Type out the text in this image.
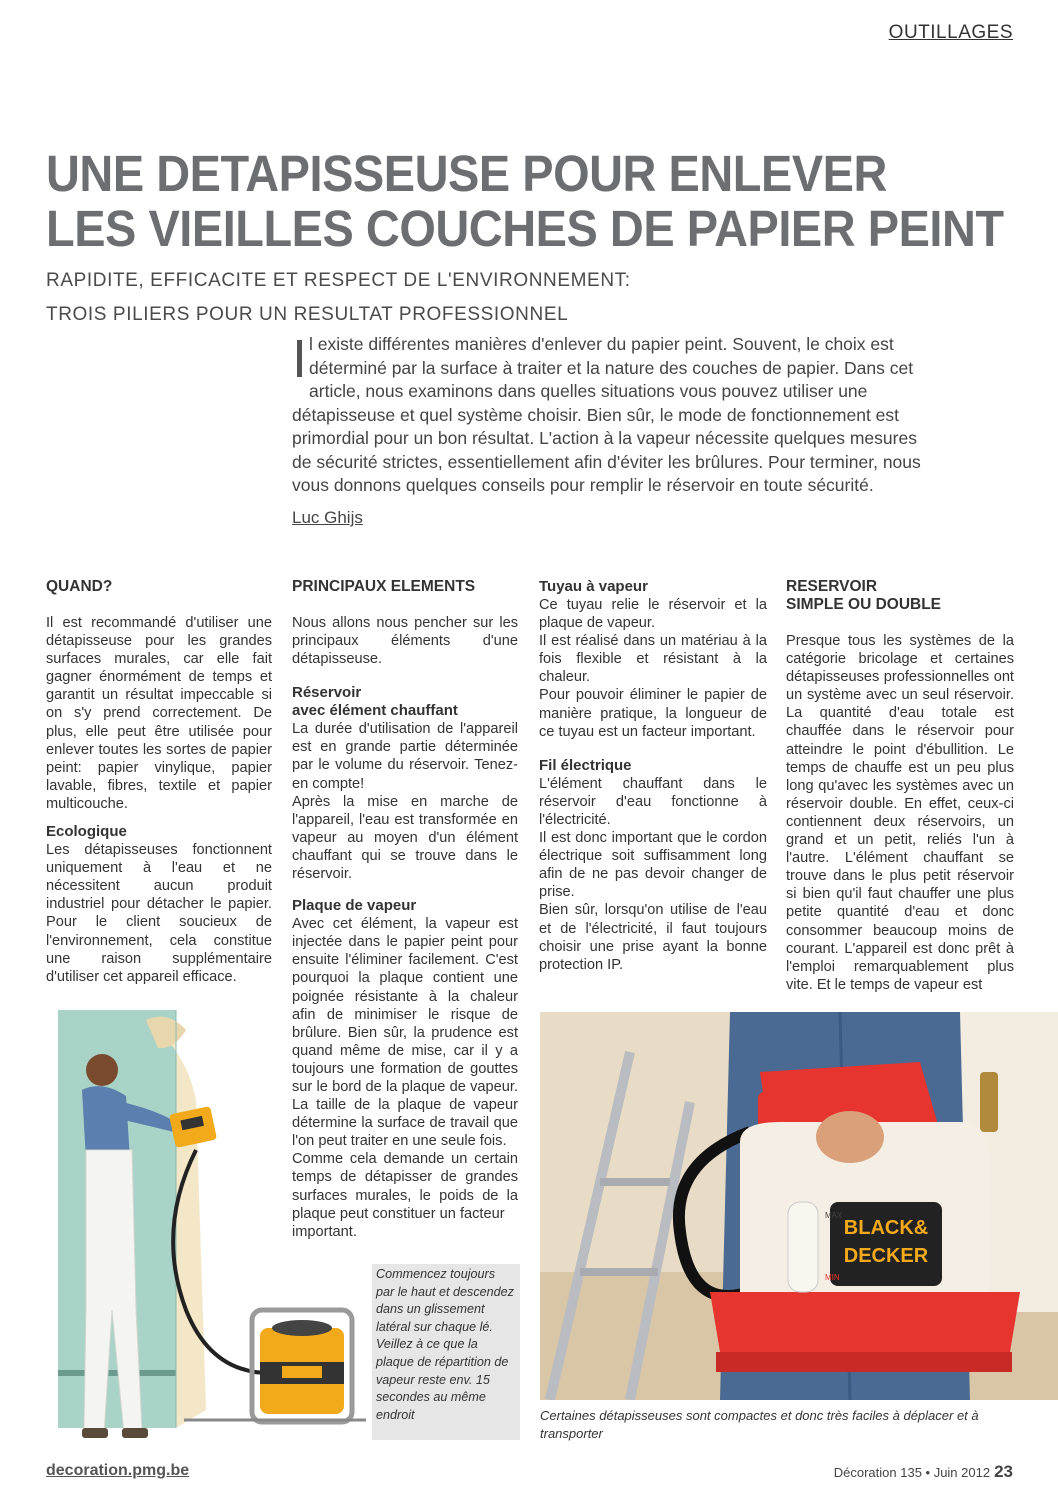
OUTILLAGES
UNE DETAPISSEUSE POUR ENLEVER
LES VIEILLES COUCHES DE PAPIER PEINT
RAPIDITE, EFFICACITE ET RESPECT DE L'ENVIRONNEMENT:
TROIS PILIERS POUR UN RESULTAT PROFESSIONNEL
Il existe différentes manières d'enlever du papier peint. Souvent, le choix est déterminé par la surface à traiter et la nature des couches de papier. Dans cet article, nous examinons dans quelles situations vous pouvez utiliser une détapisseuse et quel système choisir. Bien sûr, le mode de fonctionnement est primordial pour un bon résultat. L'action à la vapeur nécessite quelques mesures de sécurité strictes, essentiellement afin d'éviter les brûlures. Pour terminer, nous vous donnons quelques conseils pour remplir le réservoir en toute sécurité.
Luc Ghijs
QUAND?

Il est recommandé d'utiliser une détapisseuse pour les grandes surfaces murales, car elle fait gagner énormément de temps et garantit un résultat impeccable si on s'y prend correctement. De plus, elle peut être utilisée pour enlever toutes les sortes de papier peint: papier vinylique, papier lavable, fibres, textile et papier multicouche.

Ecologique

Les détapisseuses fonctionnent uniquement à l'eau et ne nécessitent aucun produit industriel pour détacher le papier. Pour le client soucieux de l'environnement, cela constitue une raison supplémentaire d'utiliser cet appareil efficace.

PRINCIPAUX ELEMENTS

Nous allons nous pencher sur les principaux éléments d'une détapisseuse.

Réservoir
avec élément chauffant

La durée d'utilisation de l'appareil est en grande partie déterminée par le volume du réservoir. Tenez-en compte!

Après la mise en marche de l'appareil, l'eau est transformée en vapeur au moyen d'un élément chauffant qui se trouve dans le réservoir.

Plaque de vapeur

Avec cet élément, la vapeur est injectée dans le papier peint pour ensuite l'éliminer facilement. C'est pourquoi la plaque contient une poignée résistante à la chaleur afin de minimiser le risque de brûlure. Bien sûr, la prudence est quand même de mise, car il y a toujours une formation de gouttes sur le bord de la plaque de vapeur. La taille de la plaque de vapeur détermine la surface de travail que l'on peut traiter en une seule fois.

Comme cela demande un certain temps de détapisser de grandes surfaces murales, le poids de la plaque peut constituer un facteur

important.

Commencez toujours par le haut et descendez dans un glissement latéral sur chaque lé. Veillez à ce que la plaque de répartition de vapeur reste env. 15 secondes au même endroit
Tuyau à vapeur

Ce tuyau relie le réservoir et la plaque de vapeur.

Il est réalisé dans un matériau à la fois flexible et résistant à la chaleur.

Pour pouvoir éliminer le papier de manière pratique, la longueur de ce tuyau est un facteur important.

Fil électrique

L'élément chauffant dans le réservoir d'eau fonctionne à l'électricité.

Il est donc important que le cordon électrique soit suffisamment long afin de ne pas devoir changer de prise.

Bien sûr, lorsqu'on utilise de l'eau et de l'électricité, il faut toujours choisir une prise ayant la bonne protection IP.

RESERVOIR
SIMPLE OU DOUBLE

Presque tous les systèmes de la catégorie bricolage et certaines détapisseuses professionnelles ont un système avec un seul réservoir. La quantité d'eau totale est chauffée dans le réservoir pour atteindre le point d'ébullition. Le temps de chauffe est un peu plus long qu'avec les systèmes avec un réservoir double. En effet, ceux-ci contiennent deux réservoirs, un grand et un petit, reliés l'un à l'autre. L'élément chauffant se trouve dans le plus petit réservoir si bien qu'il faut chauffer une plus petite quantité d'eau et donc consommer beaucoup moins de courant. L'appareil est donc prêt à l'emploi remarquablement plus vite. Et le temps de vapeur est

BLACK&
DECKER
MAX
MIN
Certaines détapisseuses sont compactes et donc très faciles à déplacer et à transporter
decoration.pmg.be	Décoration 135 • Juin 2012 23
